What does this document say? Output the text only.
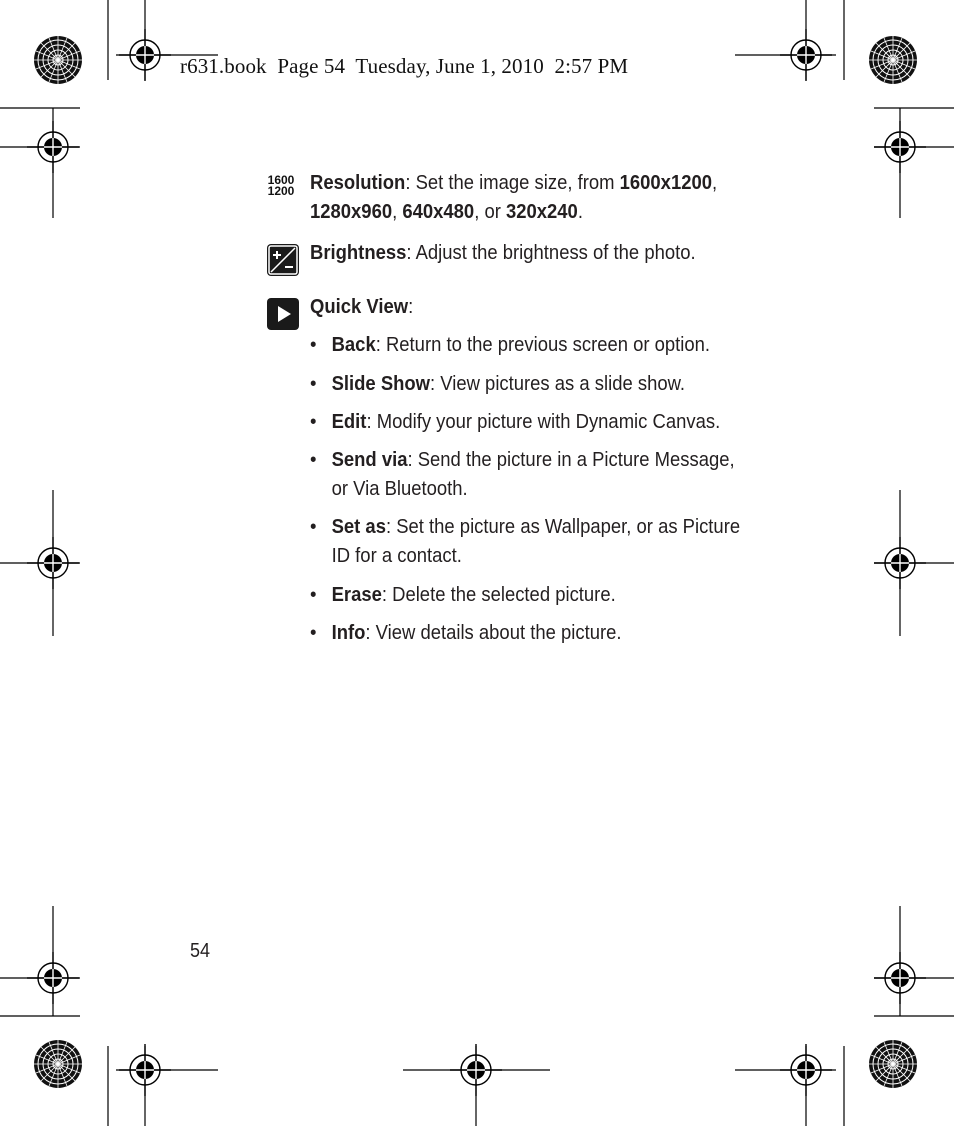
r631.book  Page 54  Tuesday, June 1, 2010  2:57 PM
1600
1200 Resolution: Set the image size, from 1600x1200,
1280x960, 640x480, or 320x240.

Brightness: Adjust the brightness of the photo.

Quick View:

• Back: Return to the previous screen or option.
• Slide Show: View pictures as a slide show.
• Edit: Modify your picture with Dynamic Canvas.
• Send via: Send the picture in a Picture Message, or Via Bluetooth.
• Set as: Set the picture as Wallpaper, or as Picture ID for a contact.
• Erase: Delete the selected picture.
• Info: View details about the picture.
54
